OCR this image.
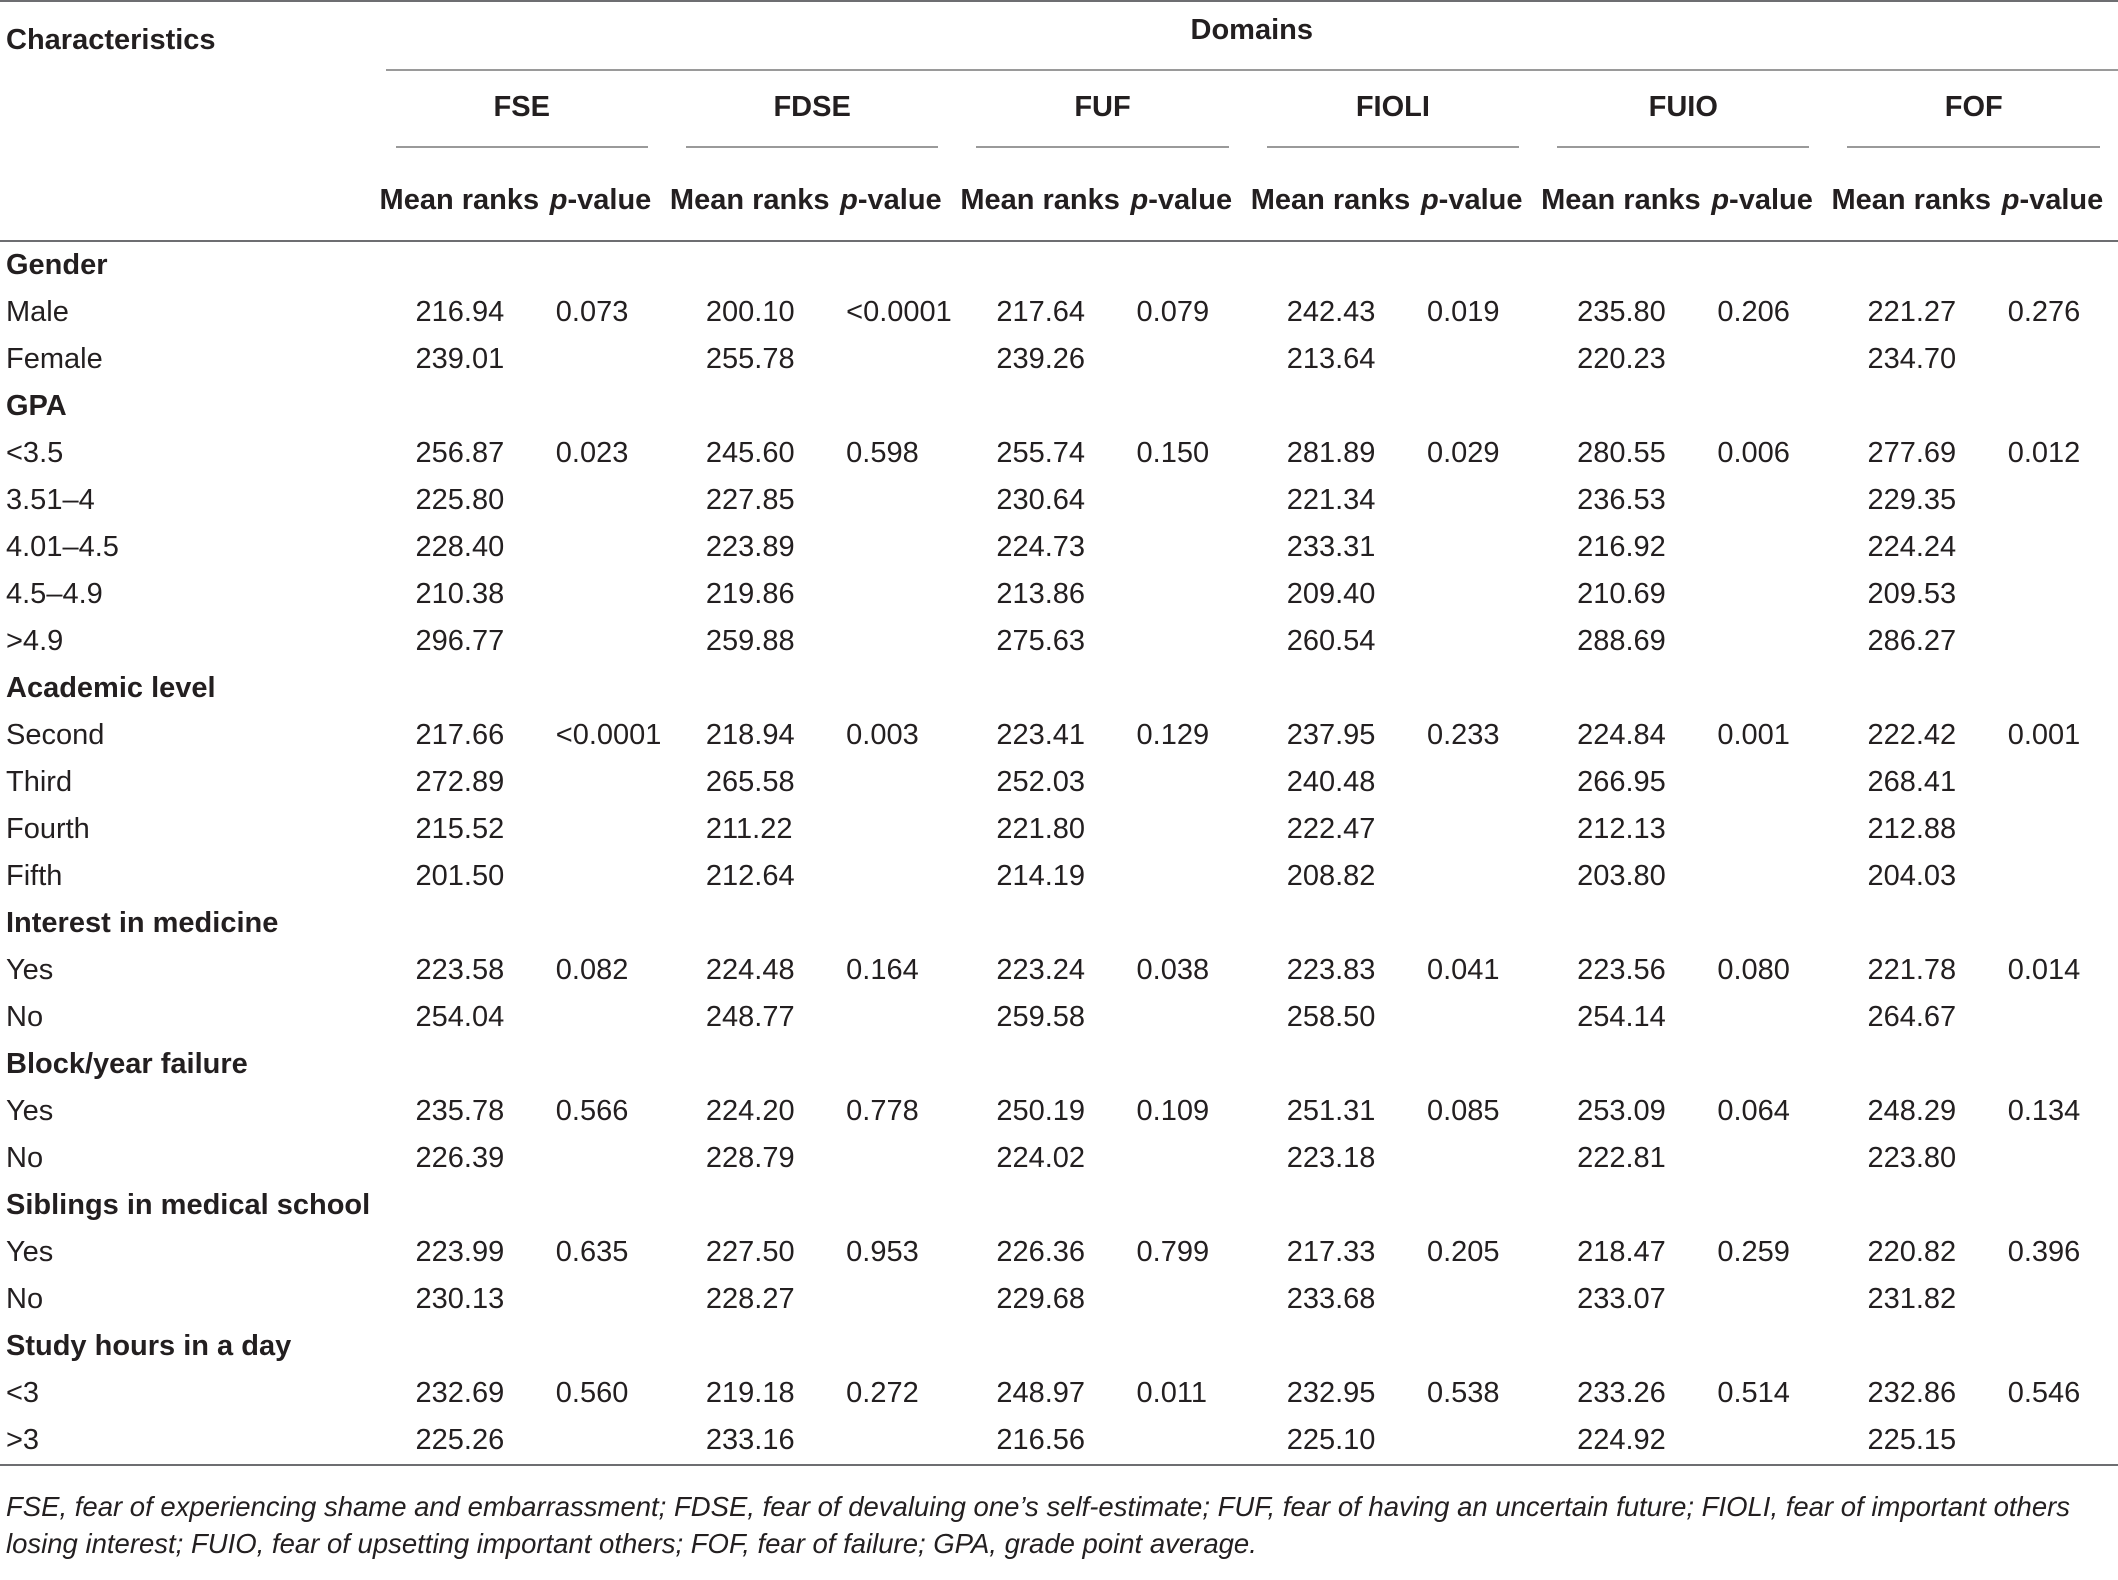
Characteristics	Domains											

	FSE		FDSE		FUF		FIOLI		FUIO		FOF	

	Mean ranks	p-value	Mean ranks	p-value	Mean ranks	p-value	Mean ranks	p-value	Mean ranks	p-value	Mean ranks	p-value

Gender												
Male	216.94	0.073	200.10	<0.0001	217.64	0.079	242.43	0.019	235.80	0.206	221.27	0.276
Female	239.01		255.78		239.26		213.64		220.23		234.70	
GPA												
<3.5	256.87	0.023	245.60	0.598	255.74	0.150	281.89	0.029	280.55	0.006	277.69	0.012
3.51–4	225.80		227.85		230.64		221.34		236.53		229.35	
4.01–4.5	228.40		223.89		224.73		233.31		216.92		224.24	
4.5–4.9	210.38		219.86		213.86		209.40		210.69		209.53	
>4.9	296.77		259.88		275.63		260.54		288.69		286.27	
Academic level												
Second	217.66	<0.0001	218.94	0.003	223.41	0.129	237.95	0.233	224.84	0.001	222.42	0.001
Third	272.89		265.58		252.03		240.48		266.95		268.41	
Fourth	215.52		211.22		221.80		222.47		212.13		212.88	
Fifth	201.50		212.64		214.19		208.82		203.80		204.03	
Interest in medicine												
Yes	223.58	0.082	224.48	0.164	223.24	0.038	223.83	0.041	223.56	0.080	221.78	0.014
No	254.04		248.77		259.58		258.50		254.14		264.67	
Block/year failure												
Yes	235.78	0.566	224.20	0.778	250.19	0.109	251.31	0.085	253.09	0.064	248.29	0.134
No	226.39		228.79		224.02		223.18		222.81		223.80	
Siblings in medical school												
Yes	223.99	0.635	227.50	0.953	226.36	0.799	217.33	0.205	218.47	0.259	220.82	0.396
No	230.13		228.27		229.68		233.68		233.07		231.82	
Study hours in a day												
<3	232.69	0.560	219.18	0.272	248.97	0.011	232.95	0.538	233.26	0.514	232.86	0.546
>3	225.26		233.16		216.56		225.10		224.92		225.15	

FSE, fear of experiencing shame and embarrassment; FDSE, fear of devaluing one’s self-estimate; FUF, fear of having an uncertain future; FIOLI, fear of important others losing interest; FUIO, fear of upsetting important others; FOF, fear of failure; GPA, grade point average.
